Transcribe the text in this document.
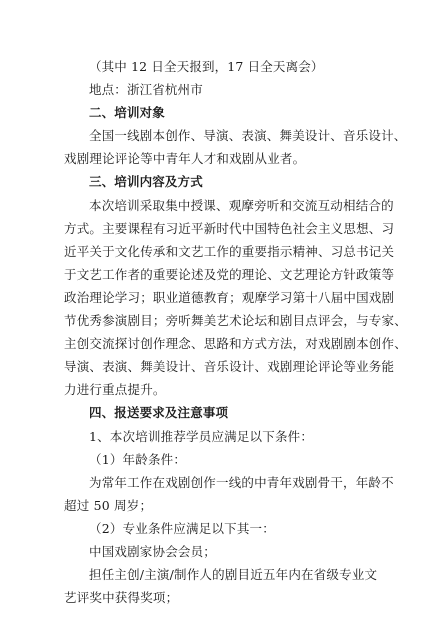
（其中 12 日全天报到，17 日全天离会）
地点：浙江省杭州市
二、培训对象
全国一线剧本创作、导演、表演、舞美设计、音乐设计、
戏剧理论评论等中青年人才和戏剧从业者。
三、培训内容及方式
本次培训采取集中授课、观摩旁听和交流互动相结合的
方式。主要课程有习近平新时代中国特色社会主义思想、习
近平关于文化传承和文艺工作的重要指示精神、习总书记关
于文艺工作者的重要论述及党的理论、文艺理论方针政策等
政治理论学习；职业道德教育；观摩学习第十八届中国戏剧
节优秀参演剧目；旁听舞美艺术论坛和剧目点评会，与专家、
主创交流探讨创作理念、思路和方式方法，对戏剧剧本创作、
导演、表演、舞美设计、音乐设计、戏剧理论评论等业务能
力进行重点提升。
四、报送要求及注意事项
1、本次培训推荐学员应满足以下条件：
（1）年龄条件：
为常年工作在戏剧创作一线的中青年戏剧骨干，年龄不
超过 50 周岁；
（2）专业条件应满足以下其一：
中国戏剧家协会会员；
担任主创/主演/制作人的剧目近五年内在省级专业文
艺评奖中获得奖项；
